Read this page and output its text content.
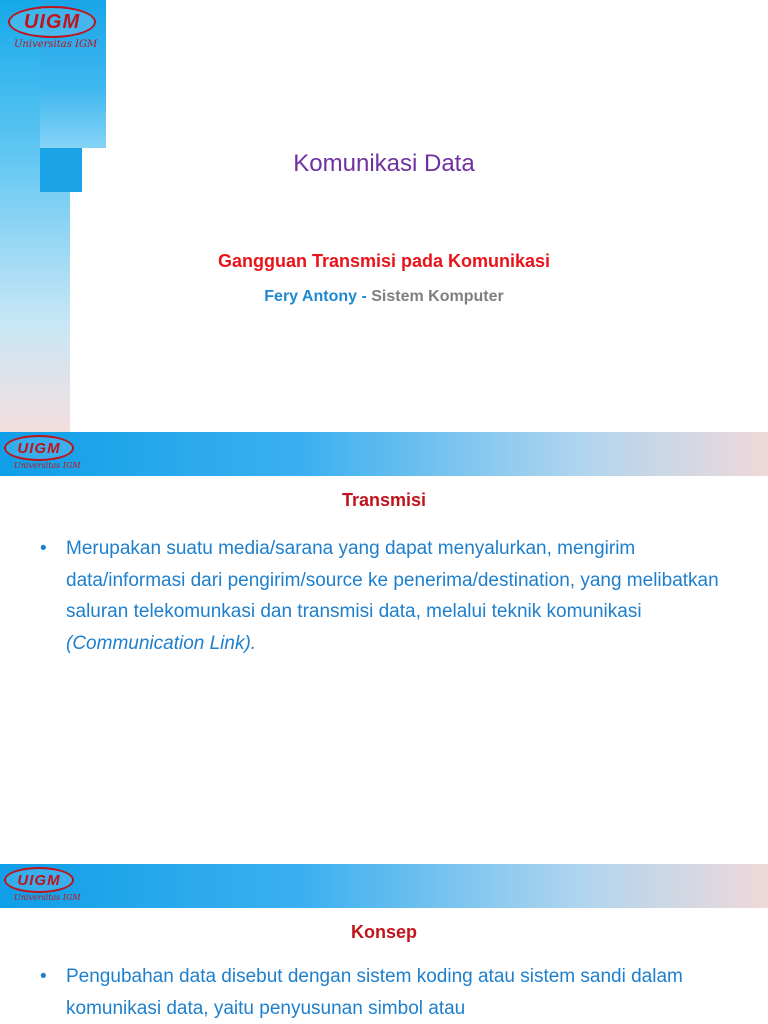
UIGM
Universitas IGM
Komunikasi Data
Gangguan Transmisi pada Komunikasi
Fery Antony - Sistem Komputer
UIGM
Universitas IGM
Transmisi
•	Merupakan suatu media/sarana yang dapat menyalurkan, mengirim data/informasi dari pengirim/source ke penerima/destination, yang melibatkan saluran telekomunkasi dan transmisi data, melalui teknik komunikasi (Communication Link).
UIGM
Universitas IGM
Konsep
•	Pengubahan data disebut dengan sistem koding atau sistem sandi dalam komunikasi data, yaitu penyusunan simbol atau
